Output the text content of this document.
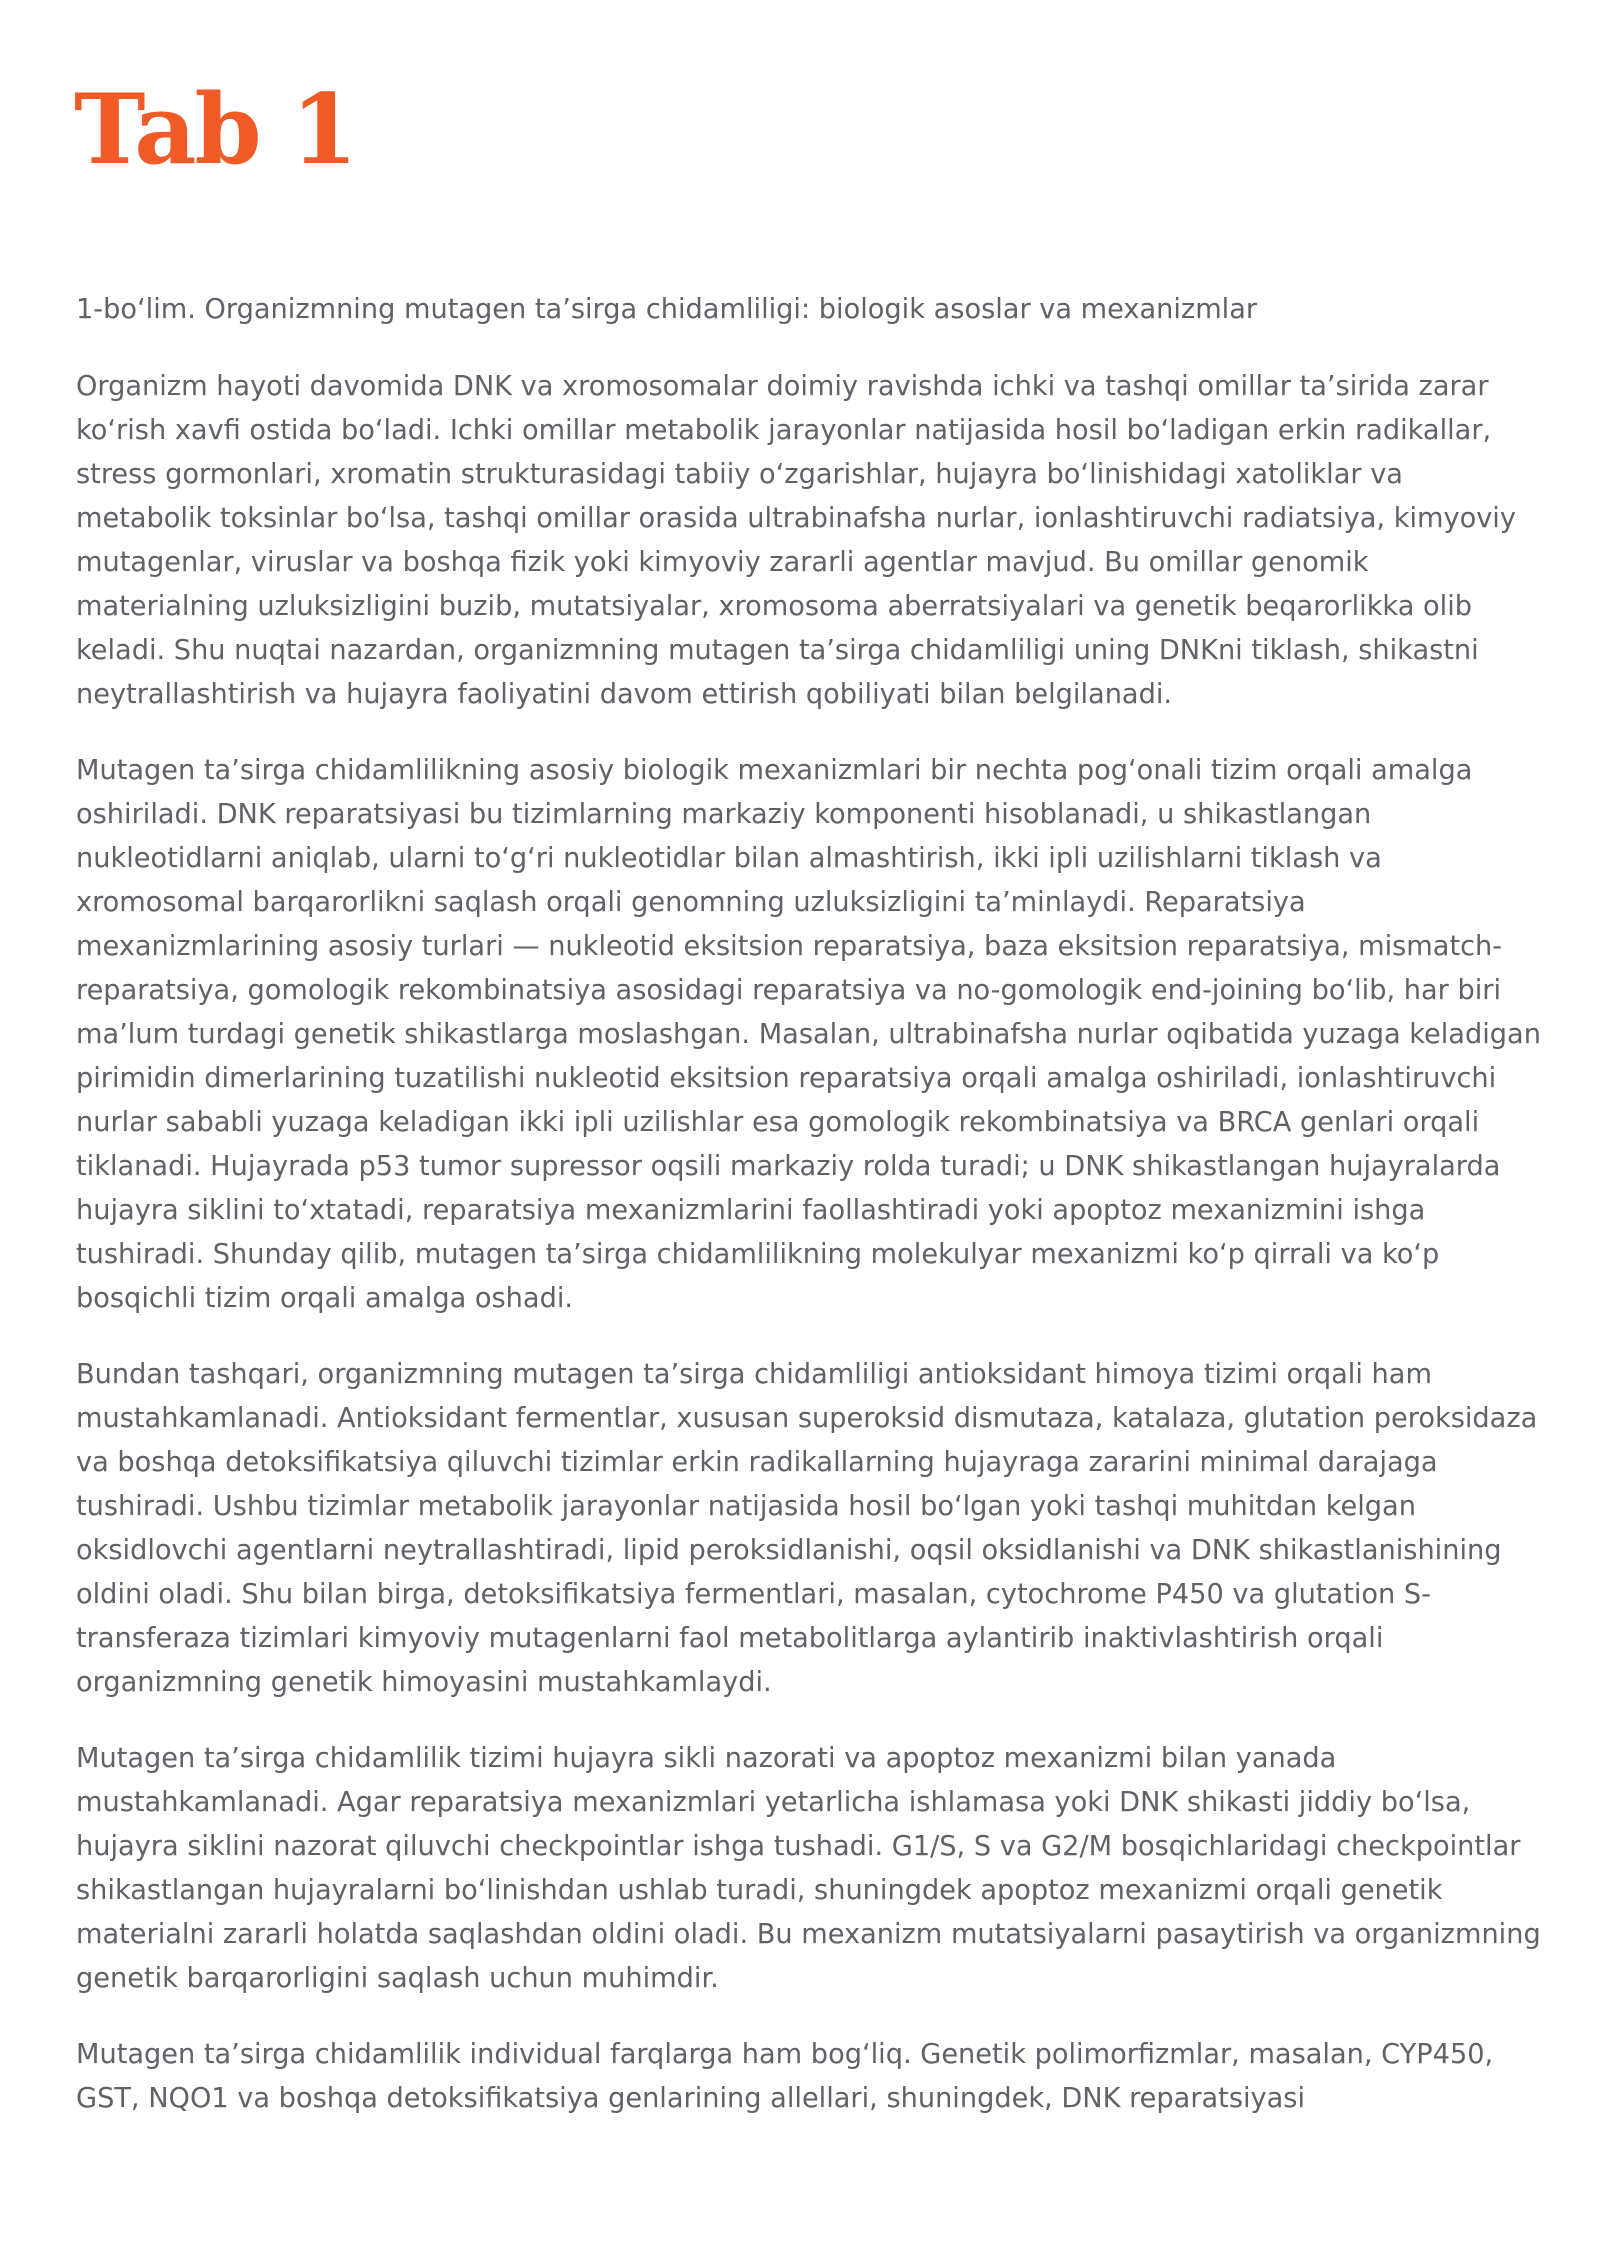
Tab 1

1-bo‘lim. Organizmning mutagen ta’sirga chidamliligi: biologik asoslar va mexanizmlar

Organizm hayoti davomida DNK va xromosomalar doimiy ravishda ichki va tashqi omillar ta’sirida zarar ko‘rish xavfi ostida bo‘ladi. Ichki omillar metabolik jarayonlar natijasida hosil bo‘ladigan erkin radikallar, stress gormonlari, xromatin strukturasidagi tabiiy o‘zgarishlar, hujayra bo‘linishidagi xatoliklar va metabolik toksinlar bo‘lsa, tashqi omillar orasida ultrabinafsha nurlar, ionlashtiruvchi radiatsiya, kimyoviy mutagenlar, viruslar va boshqa fizik yoki kimyoviy zararli agentlar mavjud. Bu omillar genomik materialning uzluksizligini buzib, mutatsiyalar, xromosoma aberratsiyalari va genetik beqarorlikka olib keladi. Shu nuqtai nazardan, organizmning mutagen ta’sirga chidamliligi uning DNKni tiklash, shikastni neytrallashtirish va hujayra faoliyatini davom ettirish qobiliyati bilan belgilanadi.

Mutagen ta’sirga chidamlilikning asosiy biologik mexanizmlari bir nechta pog‘onali tizim orqali amalga oshiriladi. DNK reparatsiyasi bu tizimlarning markaziy komponenti hisoblanadi, u shikastlangan nukleotidlarni aniqlab, ularni to‘g‘ri nukleotidlar bilan almashtirish, ikki ipli uzilishlarni tiklash va xromosomal barqarorlikni saqlash orqali genomning uzluksizligini ta’minlaydi. Reparatsiya mexanizmlarining asosiy turlari — nukleotid eksitsion reparatsiya, baza eksitsion reparatsiya, mismatch-reparatsiya, gomologik rekombinatsiya asosidagi reparatsiya va no-gomologik end-joining bo‘lib, har biri ma’lum turdagi genetik shikastlarga moslashgan. Masalan, ultrabinafsha nurlar oqibatida yuzaga keladigan pirimidin dimerlarining tuzatilishi nukleotid eksitsion reparatsiya orqali amalga oshiriladi, ionlashtiruvchi nurlar sababli yuzaga keladigan ikki ipli uzilishlar esa gomologik rekombinatsiya va BRCA genlari orqali tiklanadi. Hujayrada p53 tumor supressor oqsili markaziy rolda turadi; u DNK shikastlangan hujayralarda hujayra siklini to‘xtatadi, reparatsiya mexanizmlarini faollashtiradi yoki apoptoz mexanizmini ishga tushiradi. Shunday qilib, mutagen ta’sirga chidamlilikning molekulyar mexanizmi ko‘p qirrali va ko‘p bosqichli tizim orqali amalga oshadi.

Bundan tashqari, organizmning mutagen ta’sirga chidamliligi antioksidant himoya tizimi orqali ham mustahkamlanadi. Antioksidant fermentlar, xususan superoksid dismutaza, katalaza, glutation peroksidaza va boshqa detoksifikatsiya qiluvchi tizimlar erkin radikallarning hujayraga zararini minimal darajaga tushiradi. Ushbu tizimlar metabolik jarayonlar natijasida hosil bo‘lgan yoki tashqi muhitdan kelgan oksidlovchi agentlarni neytrallashtiradi, lipid peroksidlanishi, oqsil oksidlanishi va DNK shikastlanishining oldini oladi. Shu bilan birga, detoksifikatsiya fermentlari, masalan, cytochrome P450 va glutation S-transferaza tizimlari kimyoviy mutagenlarni faol metabolitlarga aylantirib inaktivlashtirish orqali organizmning genetik himoyasini mustahkamlaydi.

Mutagen ta’sirga chidamlilik tizimi hujayra sikli nazorati va apoptoz mexanizmi bilan yanada mustahkamlanadi. Agar reparatsiya mexanizmlari yetarlicha ishlamasa yoki DNK shikasti jiddiy bo‘lsa, hujayra siklini nazorat qiluvchi checkpointlar ishga tushadi. G1/S, S va G2/M bosqichlaridagi checkpointlar shikastlangan hujayralarni bo‘linishdan ushlab turadi, shuningdek apoptoz mexanizmi orqali genetik materialni zararli holatda saqlashdan oldini oladi. Bu mexanizm mutatsiyalarni pasaytirish va organizmning genetik barqarorligini saqlash uchun muhimdir.

Mutagen ta’sirga chidamlilik individual farqlarga ham bog‘liq. Genetik polimorfizmlar, masalan, CYP450, GST, NQO1 va boshqa detoksifikatsiya genlarining allellari, shuningdek, DNK reparatsiyasi
